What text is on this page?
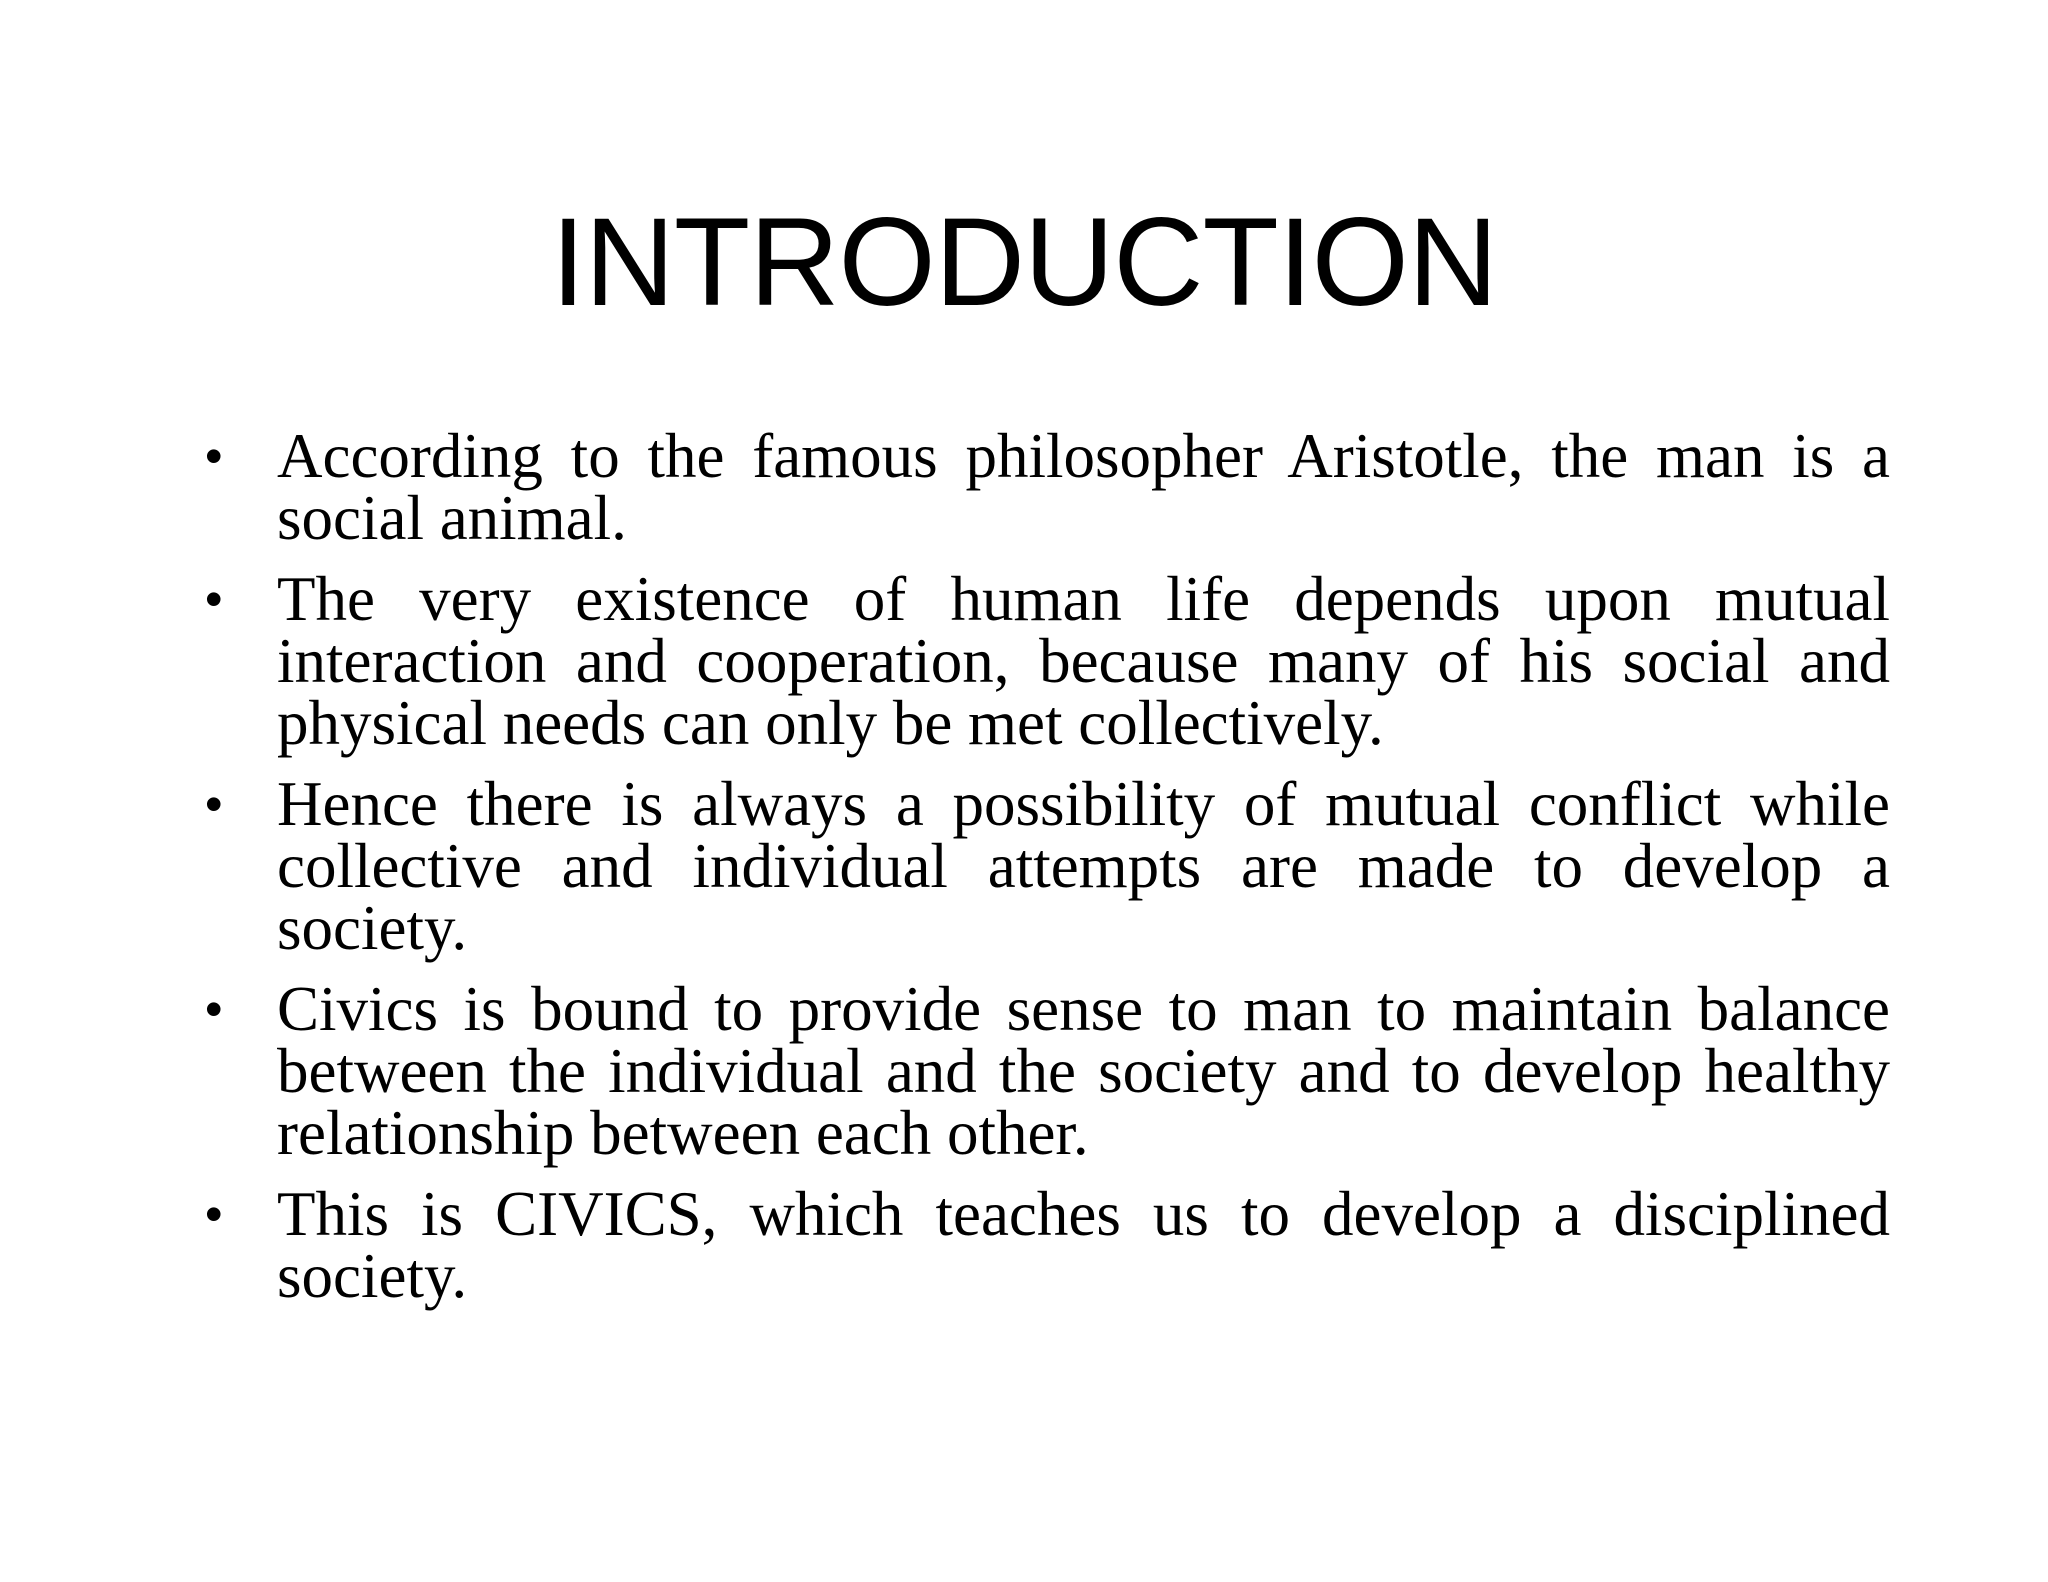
INTRODUCTION
• According to the famous philosopher Aristotle, the man is a social animal.
• The very existence of human life depends upon mutual interaction and cooperation, because many of his social and physical needs can only be met collectively.
• Hence there is always a possibility of mutual conflict while collective and individual attempts are made to develop a society.
• Civics is bound to provide sense to man to maintain balance between the individual and the society and to develop healthy relationship between each other.
• This is CIVICS, which teaches us to develop a disciplined society.
